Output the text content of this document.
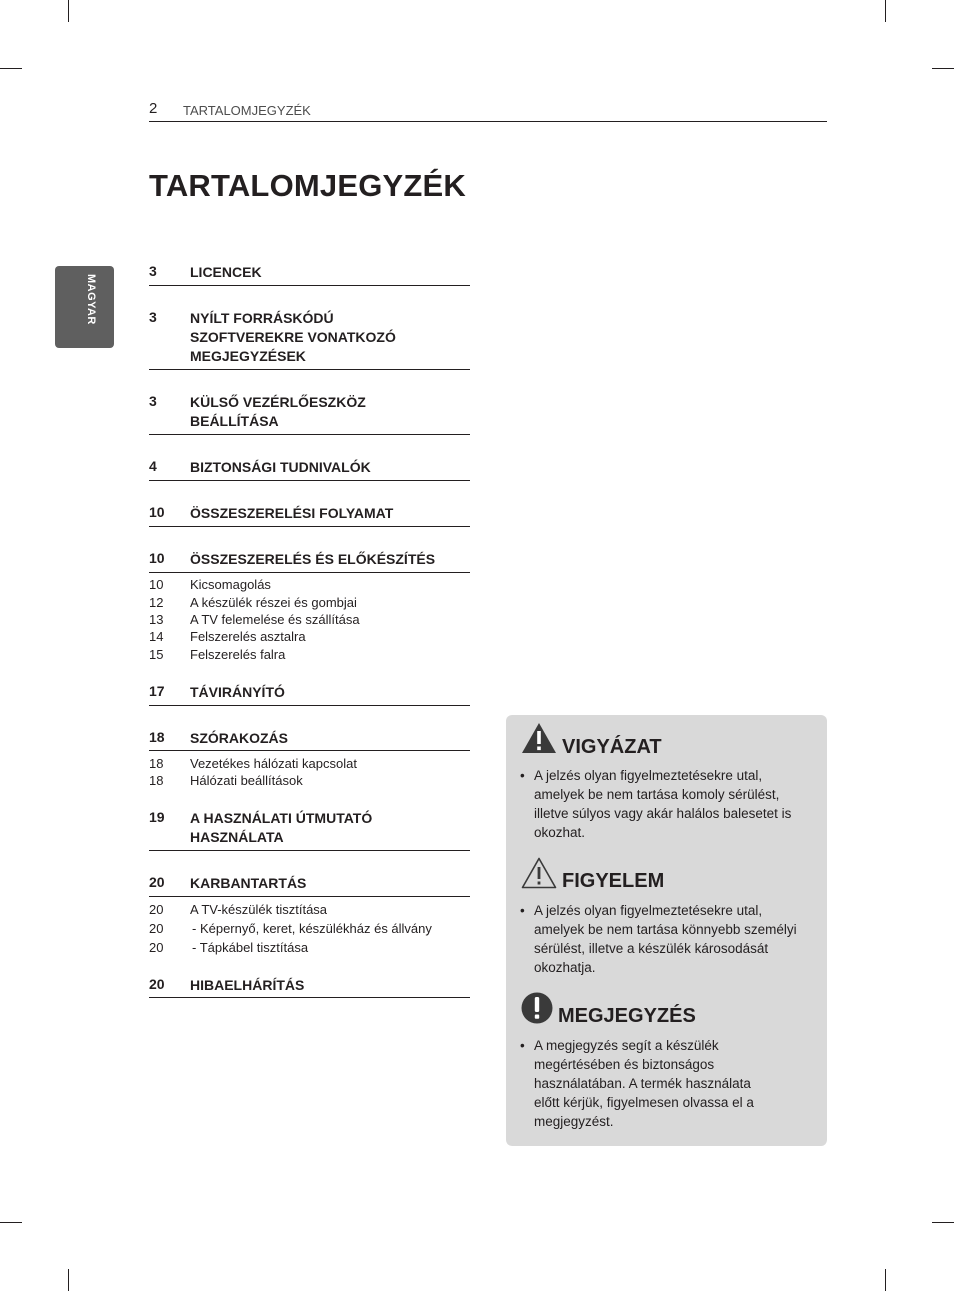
2 TARTALOMJEGYZÉK
TARTALOMJEGYZÉK
MAGYAR
3 LICENCEK
3 NYÍLT FORRÁSKÓDÚ SZOFTVEREKRE VONATKOZÓ MEGJEGYZÉSEK
3 KÜLSŐ VEZÉRLŐESZKÖZ BEÁLLÍTÁSA
4 BIZTONSÁGI TUDNIVALÓK
10 ÖSSZESZERELÉSI FOLYAMAT
10 ÖSSZESZERELÉS ÉS ELŐKÉSZÍTÉS
10 Kicsomagolás
12 A készülék részei és gombjai
13 A TV felemelése és szállítása
14 Felszerelés asztalra
15 Felszerelés falra
17 TÁVIRÁNYÍTÓ
18 SZÓRAKOZÁS
18 Vezetékes hálózati kapcsolat
18 Hálózati beállítások
19 A HASZNÁLATI ÚTMUTATÓ HASZNÁLATA
20 KARBANTARTÁS
20 A TV-készülék tisztítása
20 - Képernyő, keret, készülékház és állvány
20 - Tápkábel tisztítása
20 HIBAELHÁRÍTÁS
VIGYÁZAT
• A jelzés olyan figyelmeztetésekre utal, amelyek be nem tartása komoly sérülést, illetve súlyos vagy akár halálos balesetet is okozhat.
FIGYELEM
• A jelzés olyan figyelmeztetésekre utal, amelyek be nem tartása könnyebb személyi sérülést, illetve a készülék károsodását okozhatja.
MEGJEGYZÉS
• A megjegyzés segít a készülék megértésében és biztonságos használatában. A termék használata előtt kérjük, figyelmesen olvassa el a megjegyzést.
